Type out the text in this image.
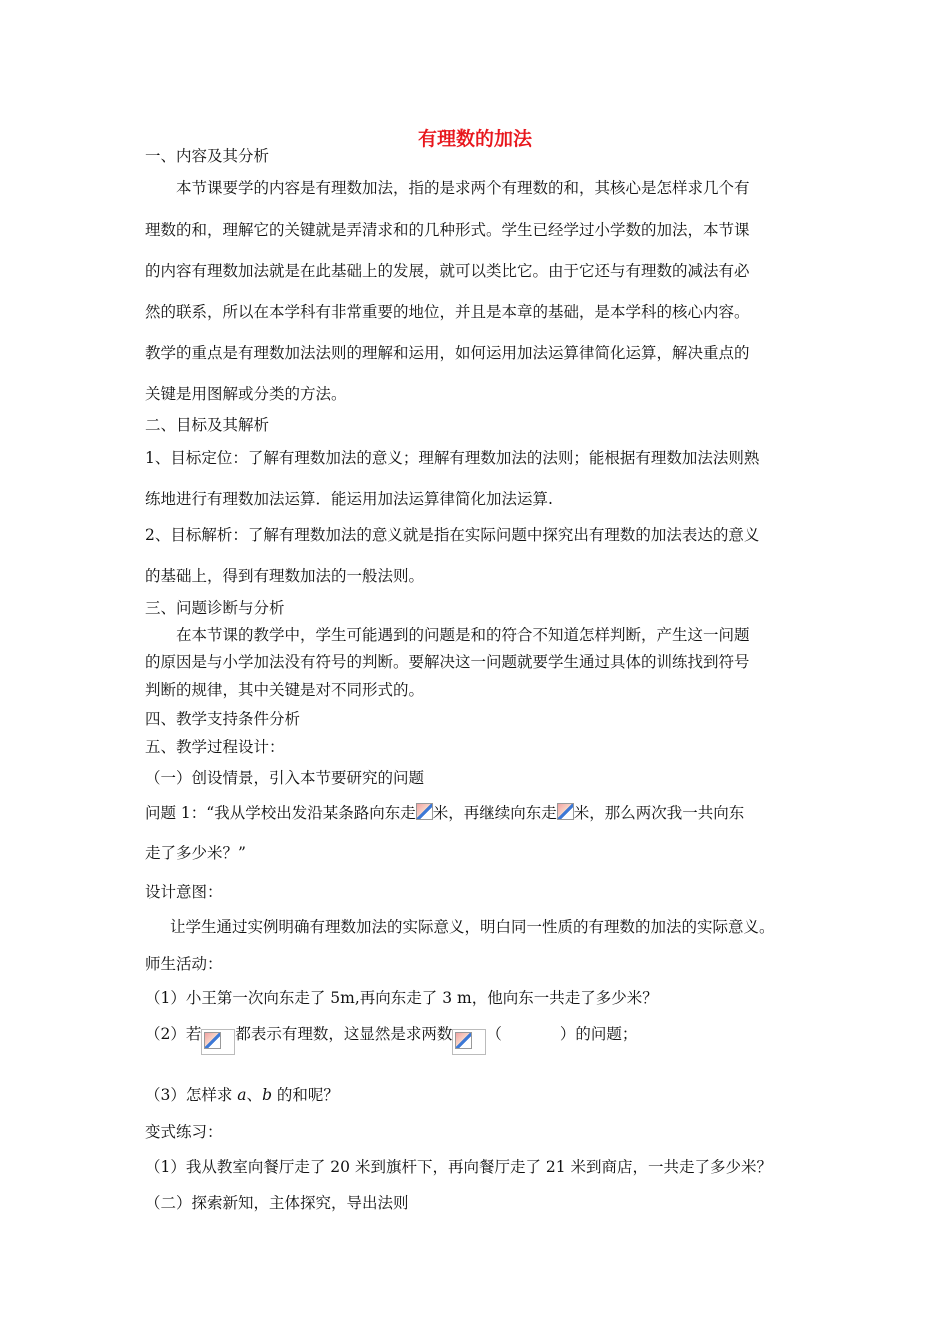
有理数的加法
一、内容及其分析
本节课要学的内容是有理数加法，指的是求两个有理数的和，其核心是怎样求几个有
理数的和，理解它的关键就是弄清求和的几种形式。学生已经学过小学数的加法，本节课
的内容有理数加法就是在此基础上的发展，就可以类比它。由于它还与有理数的减法有必
然的联系，所以在本学科有非常重要的地位，并且是本章的基础，是本学科的核心内容。
教学的重点是有理数加法法则的理解和运用，如何运用加法运算律简化运算，解决重点的
关键是用图解或分类的方法。
二、目标及其解析
1、目标定位：了解有理数加法的意义；理解有理数加法的法则；能根据有理数加法法则熟
练地进行有理数加法运算．能运用加法运算律简化加法运算.
2、目标解析：了解有理数加法的意义就是指在实际问题中探究出有理数的加法表达的意义
的基础上，得到有理数加法的一般法则。
三、问题诊断与分析
在本节课的教学中，学生可能遇到的问题是和的符合不知道怎样判断，产生这一问题
的原因是与小学加法没有符号的判断。要解决这一问题就要学生通过具体的训练找到符号
判断的规律，其中关键是对不同形式的。
四、教学支持条件分析
五、教学过程设计：
（一）创设情景，引入本节要研究的问题
问题 1：“我从学校出发沿某条路向东走 米，再继续向东走 米，那么两次我一共向东
走了多少米？”
设计意图：
让学生通过实例明确有理数加法的实际意义，明白同一性质的有理数的加法的实际意义。
师生活动：
（1）小王第一次向东走了 5m,再向东走了 3 m，他向东一共走了多少米？
（2）若 都表示有理数，这显然是求两数 （	）的问题；
（3）怎样求 a、b 的和呢？
变式练习：
（1）我从教室向餐厅走了 20 米到旗杆下，再向餐厅走了 21 米到商店，一共走了多少米？
（二）探索新知，主体探究，导出法则
